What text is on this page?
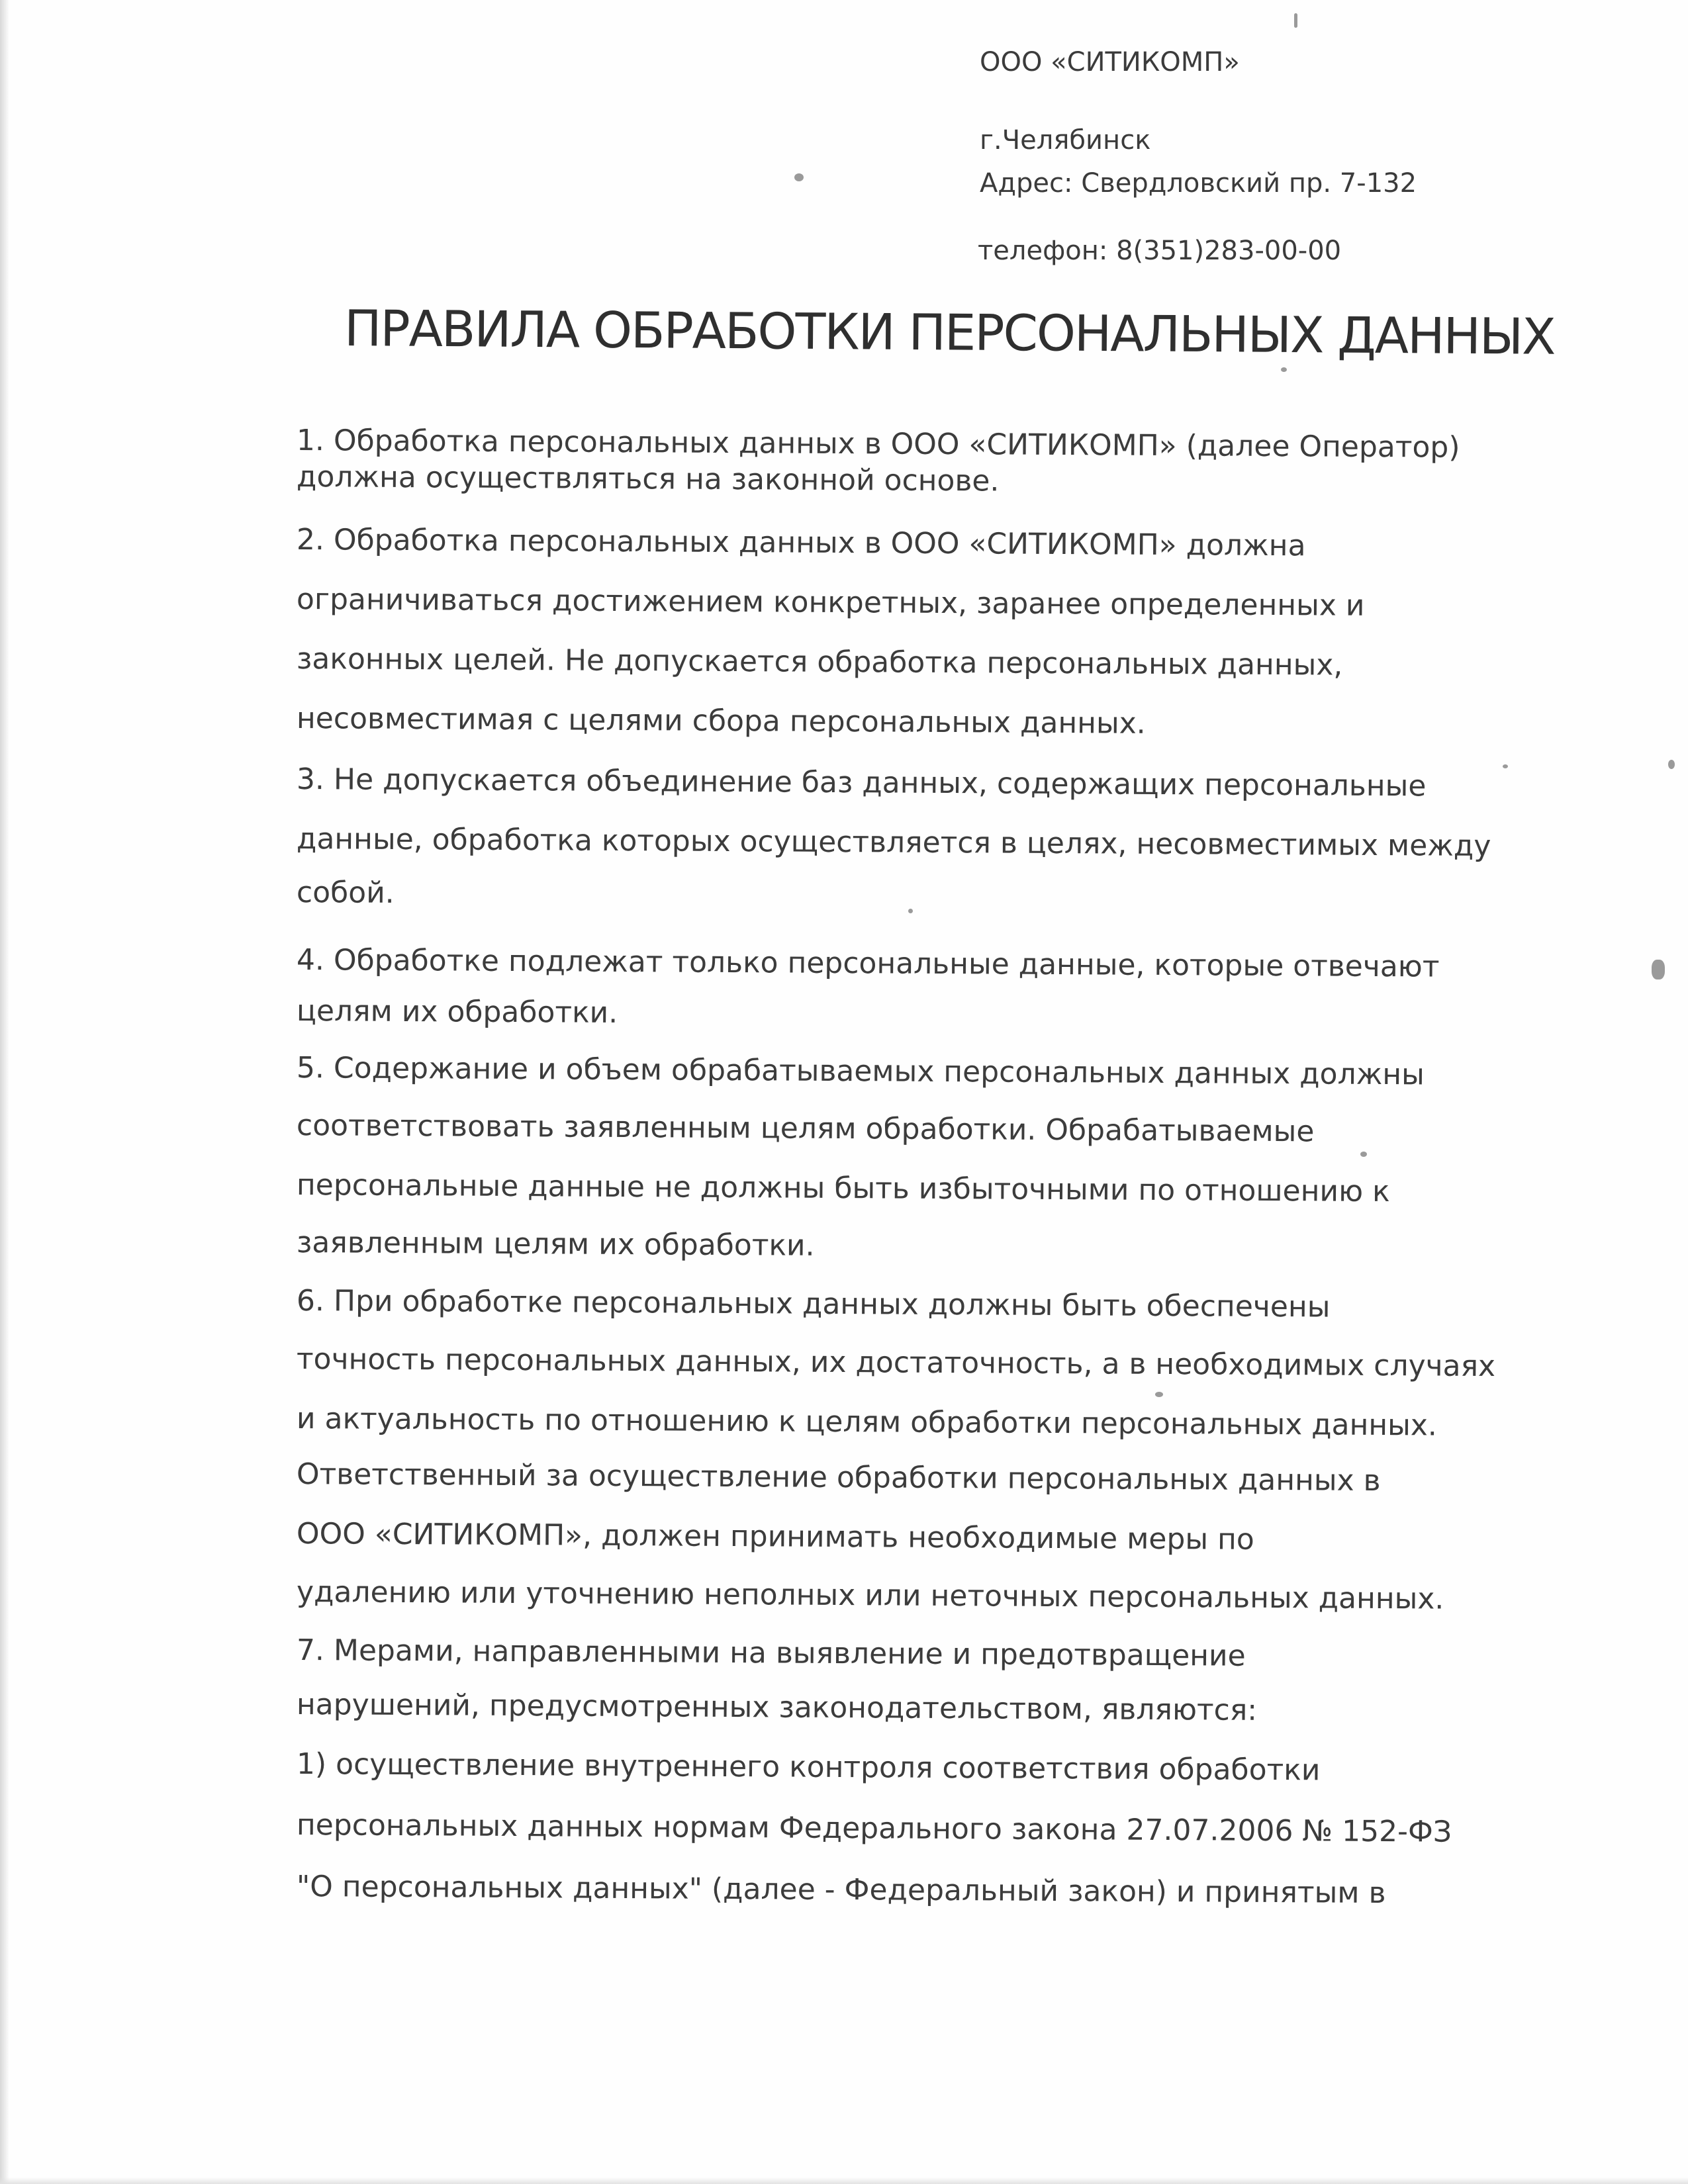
ООО «СИТИКОМП»
г.Челябинск
Адрес: Свердловский пр. 7-132
телефон: 8(351)283-00-00
ПРАВИЛА ОБРАБОТКИ ПЕРСОНАЛЬНЫХ ДАННЫХ
1. Обработка персональных данных в ООО «СИТИКОМП» (далее Оператор)
должна осуществляться на законной основе.
2. Обработка персональных данных в ООО «СИТИКОМП» должна
ограничиваться достижением конкретных, заранее определенных и
законных целей. Не допускается обработка персональных данных,
несовместимая с целями сбора персональных данных.
3. Не допускается объединение баз данных, содержащих персональные
данные, обработка которых осуществляется в целях, несовместимых между
собой.
4. Обработке подлежат только персональные данные, которые отвечают
целям их обработки.
5. Содержание и объем обрабатываемых персональных данных должны
соответствовать заявленным целям обработки. Обрабатываемые
персональные данные не должны быть избыточными по отношению к
заявленным целям их обработки.
6. При обработке персональных данных должны быть обеспечены
точность персональных данных, их достаточность, а в необходимых случаях
и актуальность по отношению к целям обработки персональных данных.
Ответственный за осуществление обработки персональных данных в
ООО «СИТИКОМП», должен принимать необходимые меры по
удалению или уточнению неполных или неточных персональных данных.
7. Мерами, направленными на выявление и предотвращение
нарушений, предусмотренных законодательством, являются:
1) осуществление внутреннего контроля соответствия обработки
персональных данных нормам Федерального закона 27.07.2006 № 152-ФЗ
"О персональных данных" (далее - Федеральный закон) и принятым в
